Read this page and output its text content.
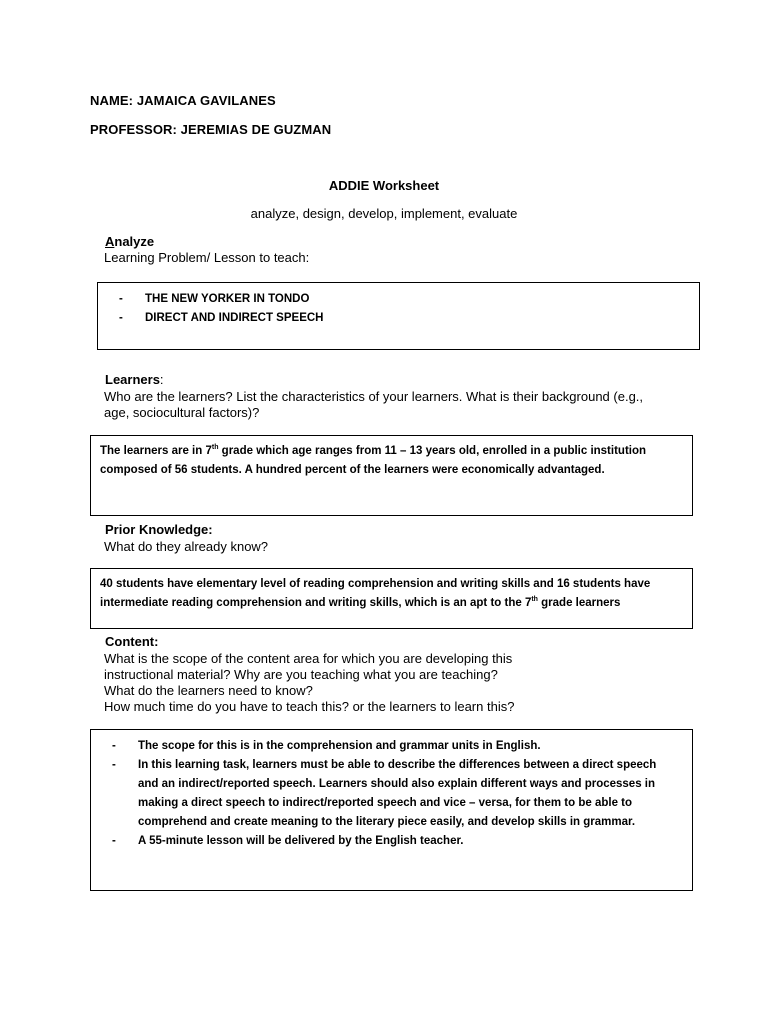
NAME: JAMAICA GAVILANES
PROFESSOR: JEREMIAS DE GUZMAN
ADDIE Worksheet
analyze, design, develop, implement, evaluate
Analyze
Learning Problem/ Lesson to teach:
- THE NEW YORKER IN TONDO
- DIRECT AND INDIRECT SPEECH
Learners:
Who are the learners? List the characteristics of your learners. What is their background (e.g.,
age, sociocultural factors)?
The learners are in 7th grade which age ranges from 11 – 13 years old, enrolled in a public institution
composed of 56 students. A hundred percent of the learners were economically advantaged.
Prior Knowledge:
What do they already know?
40 students have elementary level of reading comprehension and writing skills and 16 students have
intermediate reading comprehension and writing skills, which is an apt to the 7th grade learners
Content:
What is the scope of the content area for which you are developing this
instructional material? Why are you teaching what you are teaching?
What do the learners need to know?
How much time do you have to teach this? or the learners to learn this?
- The scope for this is in the comprehension and grammar units in English.
- In this learning task, learners must be able to describe the differences between a direct speech
and an indirect/reported speech. Learners should also explain different ways and processes in
making a direct speech to indirect/reported speech and vice – versa, for them to be able to
comprehend and create meaning to the literary piece easily, and develop skills in grammar.
- A 55-minute lesson will be delivered by the English teacher.
